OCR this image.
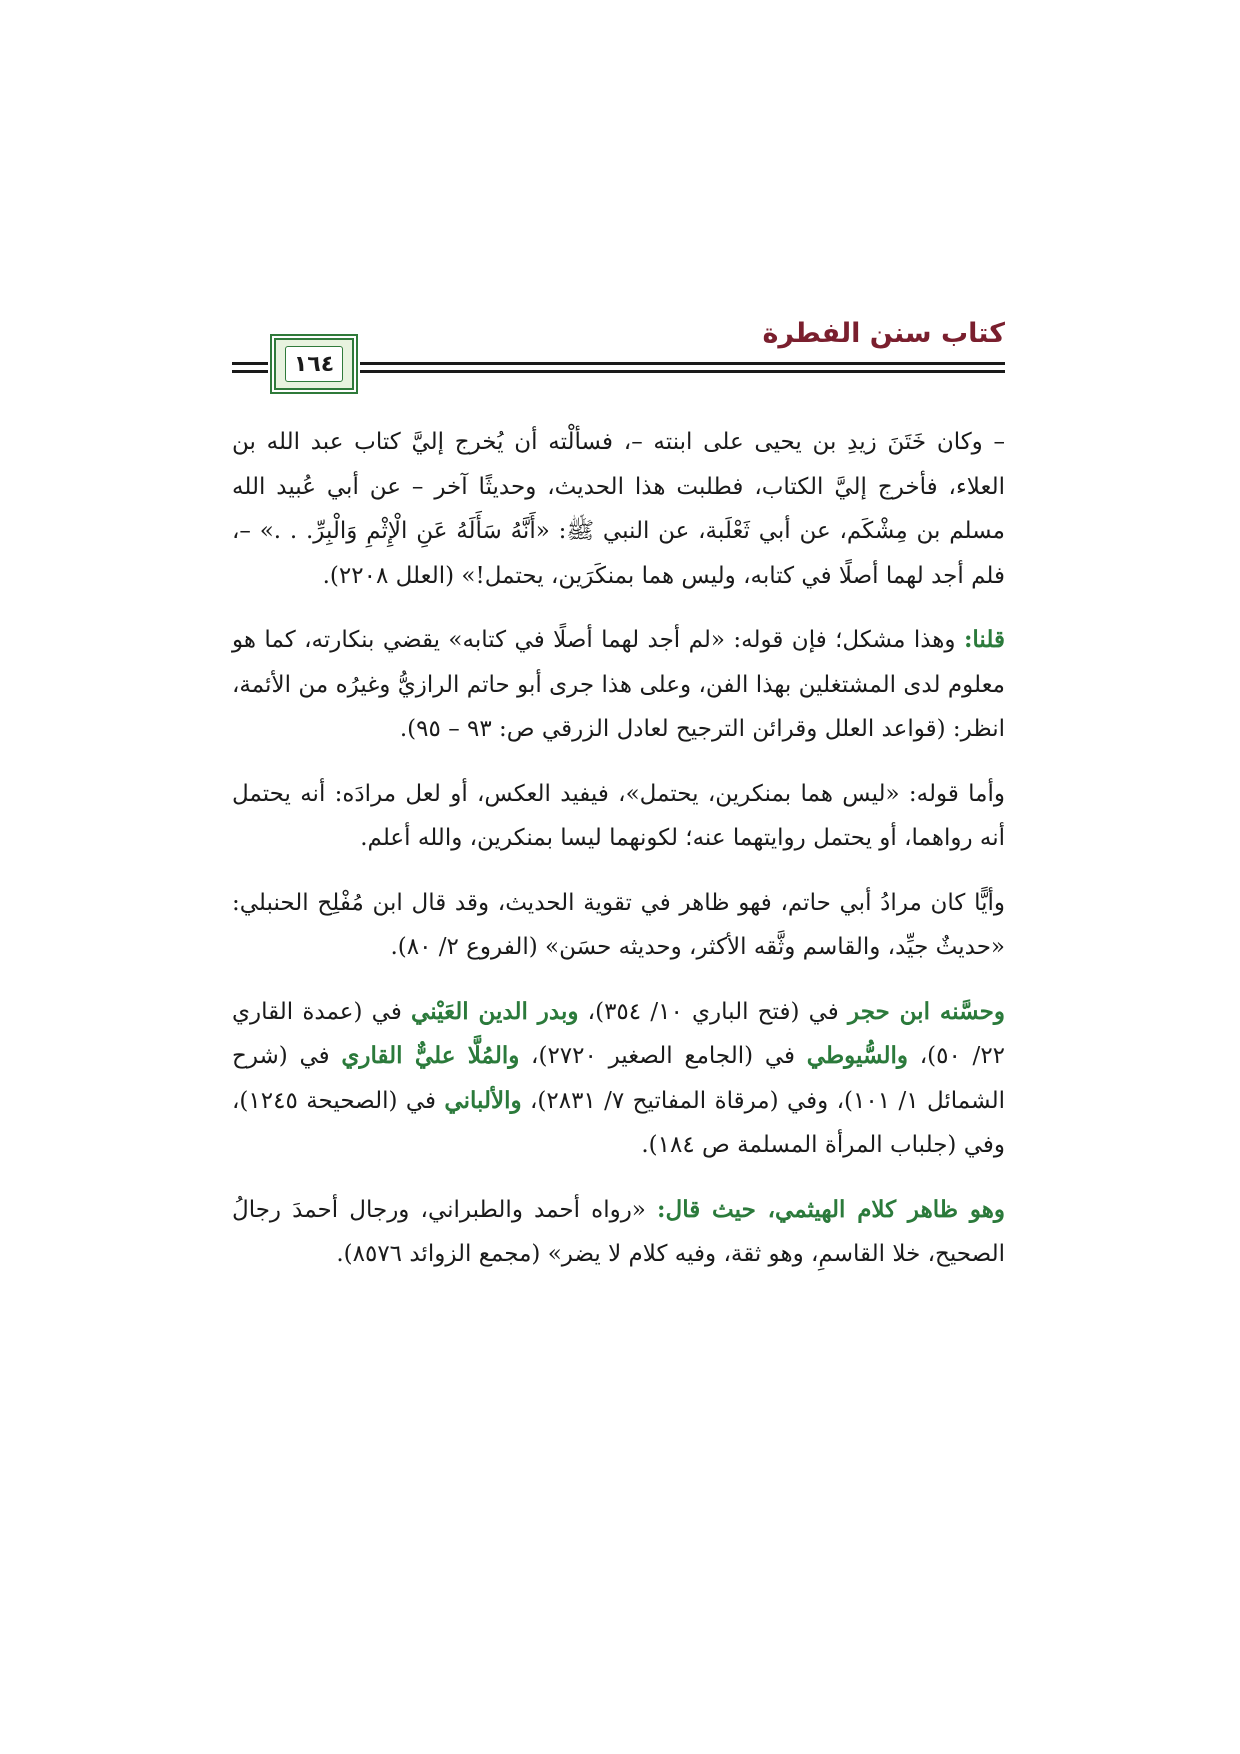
كتاب سنن الفطرة
١٦٤

– وكان خَتَنَ زيدِ بن يحيى على ابنته –، فسألْته أن يُخرج إليَّ كتاب عبد الله بن العلاء، فأخرج إليَّ الكتاب، فطلبت هذا الحديث، وحديثًا آخر – عن أبي عُبيد الله مسلم بن مِشْكَم، عن أبي ثَعْلَبة، عن النبي ﷺ: «أَنَّهُ سَأَلَهُ عَنِ الْإِثْمِ وَالْبِرِّ. . .» –، فلم أجد لهما أصلًا في كتابه، وليس هما بمنكَرَين، يحتمل!» (العلل ٢٢٠٨).

قلنا: وهذا مشكل؛ فإن قوله: «لم أجد لهما أصلًا في كتابه» يقضي بنكارته، كما هو معلوم لدى المشتغلين بهذا الفن، وعلى هذا جرى أبو حاتم الرازيُّ وغيرُه من الأئمة، انظر: (قواعد العلل وقرائن الترجيح لعادل الزرقي ص: ٩٣ – ٩٥).

وأما قوله: «ليس هما بمنكرين، يحتمل»، فيفيد العكس، أو لعل مرادَه: أنه يحتمل أنه رواهما، أو يحتمل روايتهما عنه؛ لكونهما ليسا بمنكرين، والله أعلم.

وأيًّا كان مرادُ أبي حاتم، فهو ظاهر في تقوية الحديث، وقد قال ابن مُفْلِح الحنبلي: «حديثٌ جيِّد، والقاسم وثَّقه الأكثر، وحديثه حسَن» (الفروع ٢/ ٨٠).

وحسَّنه ابن حجر في (فتح الباري ١٠/ ٣٥٤)، وبدر الدين العَيْني في (عمدة القاري ٢٢/ ٥٠)، والسُّيوطي في (الجامع الصغير ٢٧٢٠)، والمُلَّا عليٌّ القاري في (شرح الشمائل ١/ ١٠١)، وفي (مرقاة المفاتيح ٧/ ٢٨٣١)، والألباني في (الصحيحة ١٢٤٥)، وفي (جلباب المرأة المسلمة ص ١٨٤).

وهو ظاهر كلام الهيثمي، حيث قال: «رواه أحمد والطبراني، ورجال أحمدَ رجالُ الصحيح، خلا القاسمِ، وهو ثقة، وفيه كلام لا يضر» (مجمع الزوائد ٨٥٧٦).
